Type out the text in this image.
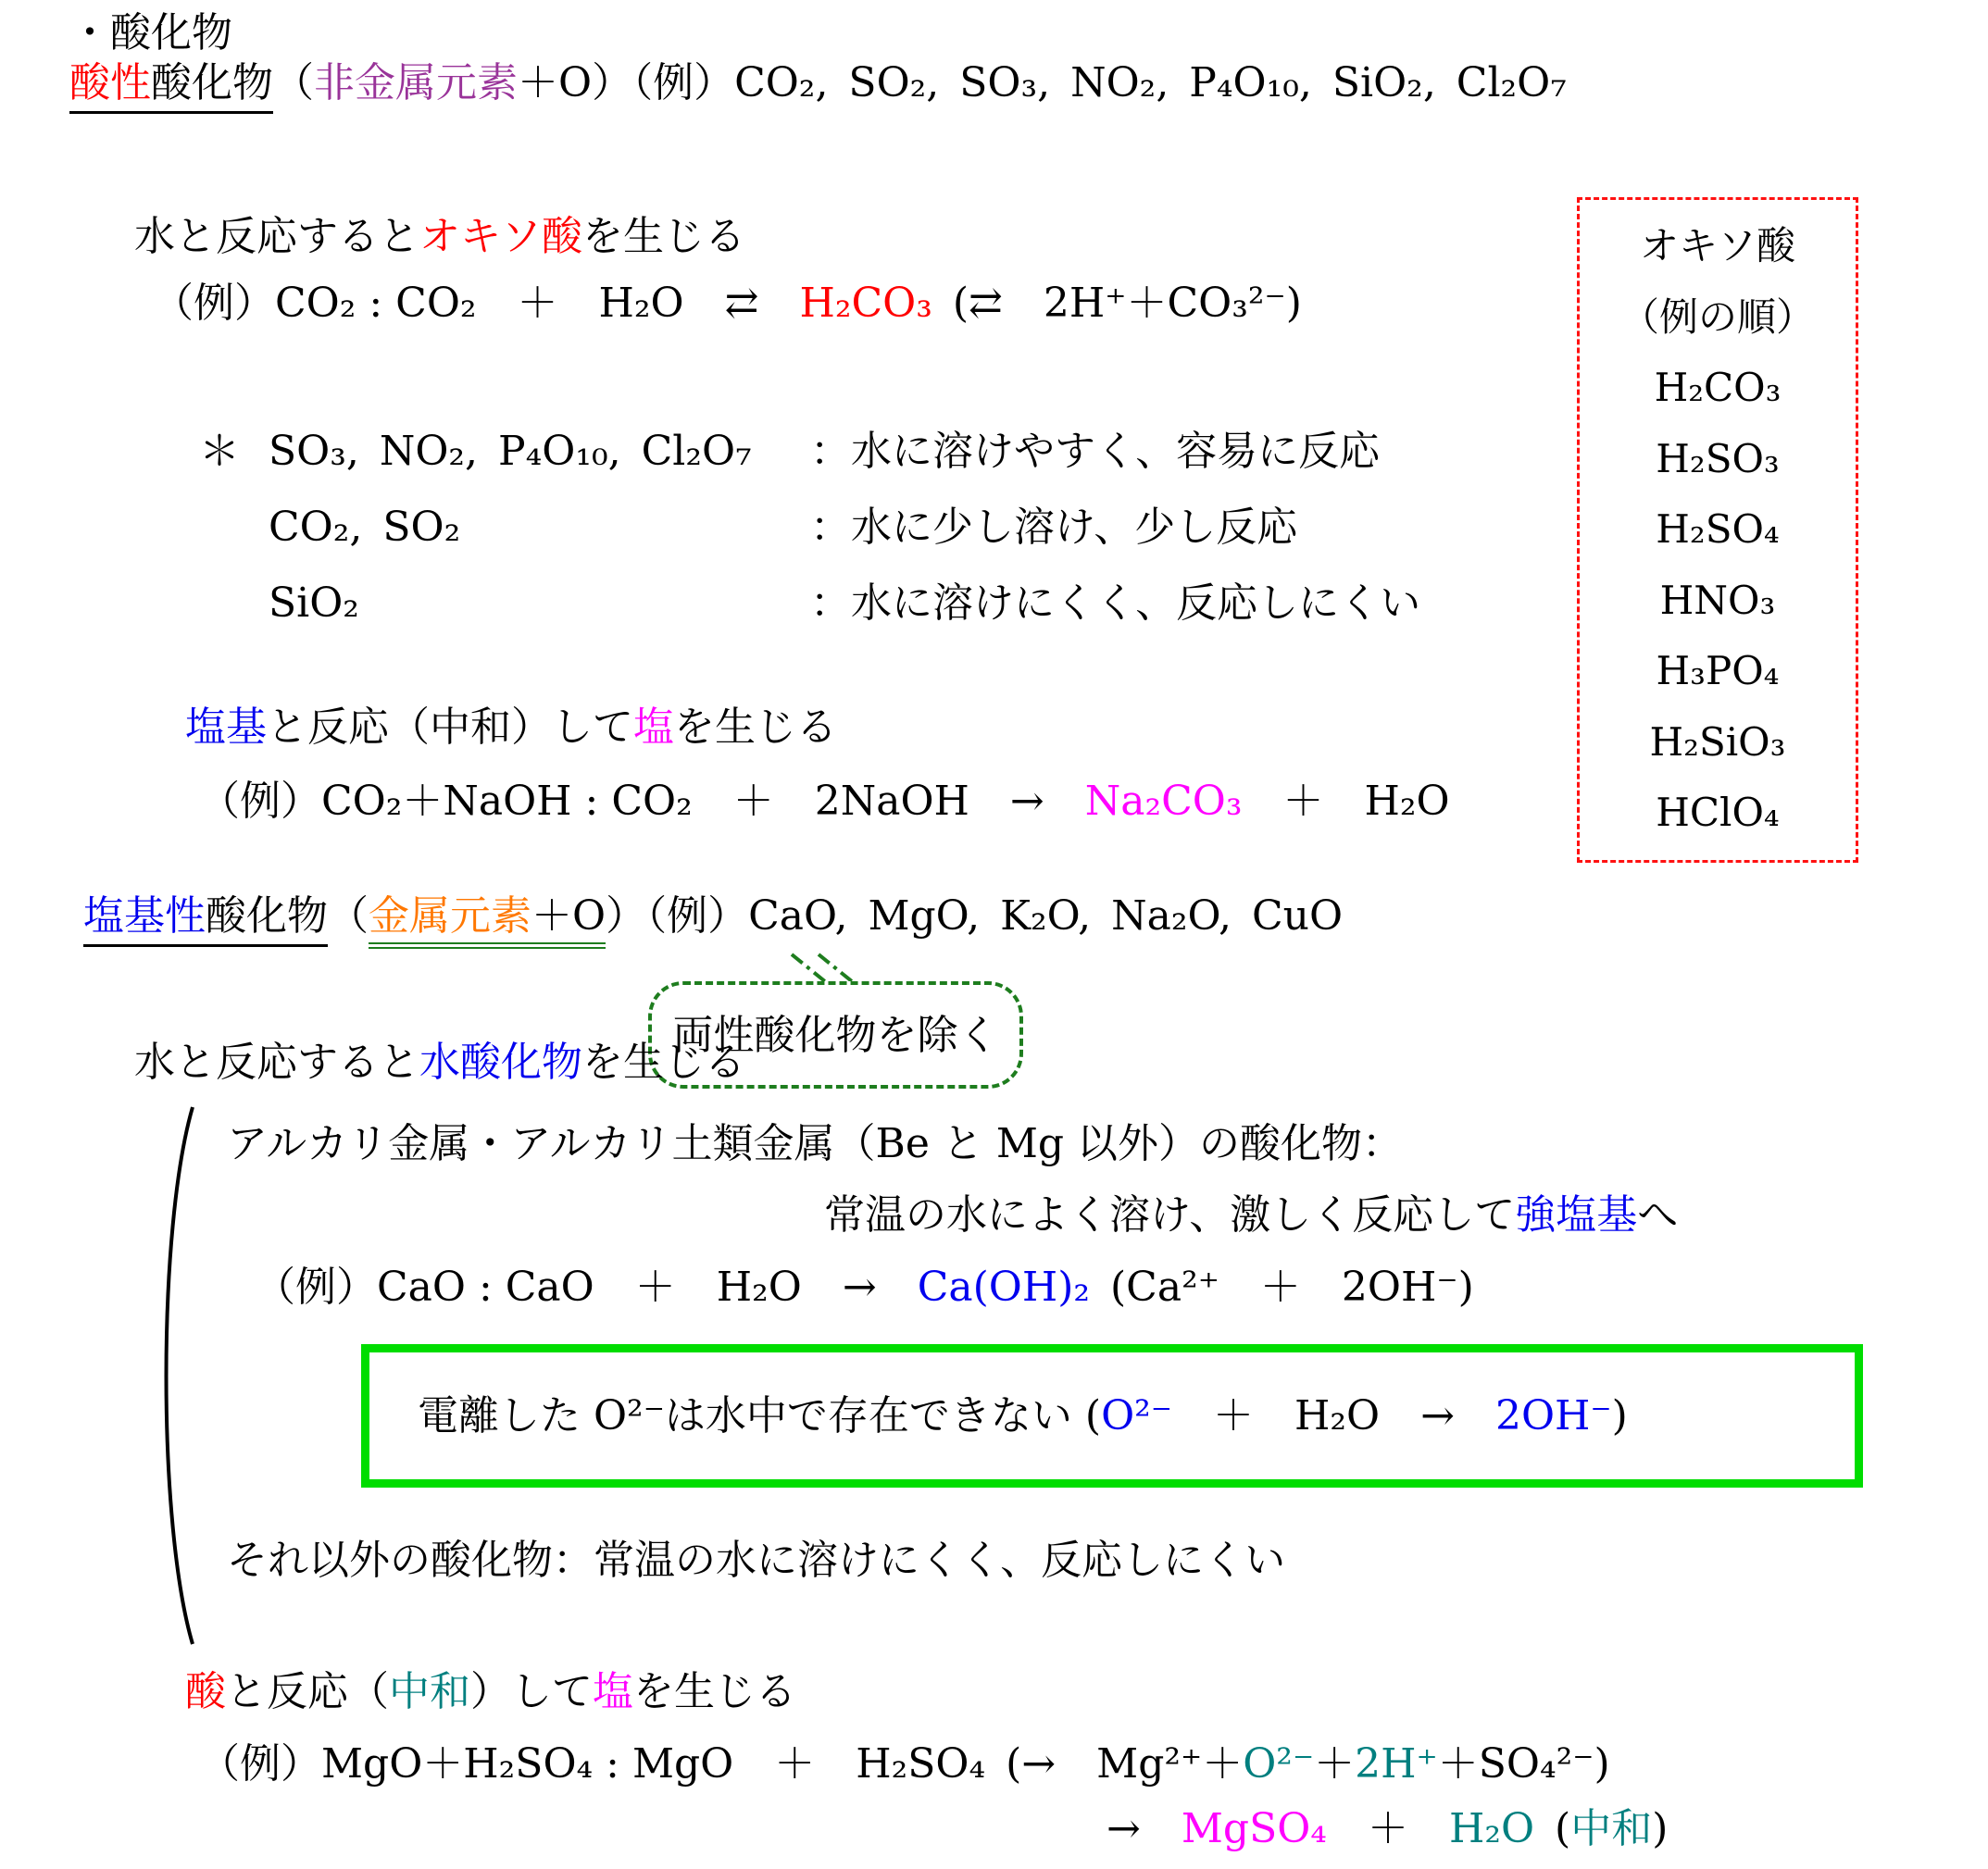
・酸化物
酸性酸化物（非金属元素＋O）（例）CO₂, SO₂, SO₃, NO₂, P₄O₁₀, SiO₂, Cl₂O₇
水と反応するとオキソ酸を生じる
（例）CO₂ : CO₂　＋　H₂O　⇄　H₂CO₃ (⇄　2H⁺＋CO₃²⁻)
＊ SO₃, NO₂, P₄O₁₀, Cl₂O₇ ：水に溶けやすく、容易に反応
CO₂, SO₂	：水に少し溶け、少し反応
SiO₂	：水に溶けにくく、反応しにくい
塩基と反応（中和）して塩を生じる
（例）CO₂＋NaOH : CO₂　＋　2NaOH　→　Na₂CO₃　＋　H₂O
オキソ酸
（例の順）
H₂CO₃
H₂SO₃
H₂SO₄
HNO₃
H₃PO₄
H₂SiO₃
HClO₄
塩基性酸化物（金属元素＋O）（例）CaO, MgO, K₂O, Na₂O, CuO
両性酸化物を除く
水と反応すると水酸化物を生じる
アルカリ金属・アルカリ土類金属（Be と Mg 以外）の酸化物：
常温の水によく溶け、激しく反応して強塩基へ
（例）CaO : CaO　＋　H₂O　→　Ca(OH)₂ (Ca²⁺　＋　2OH⁻)
電離した O²⁻は水中で存在できない ( O²⁻ 　＋　H₂O　→　 2OH⁻ )
それ以外の酸化物：常温の水に溶けにくく、反応しにくい
酸と反応（中和）して塩を生じる
（例）MgO＋H₂SO₄ : MgO　＋　H₂SO₄ (→　Mg²⁺＋O²⁻＋2H⁺＋SO₄²⁻)
→　MgSO₄　＋　H₂O (中和)
